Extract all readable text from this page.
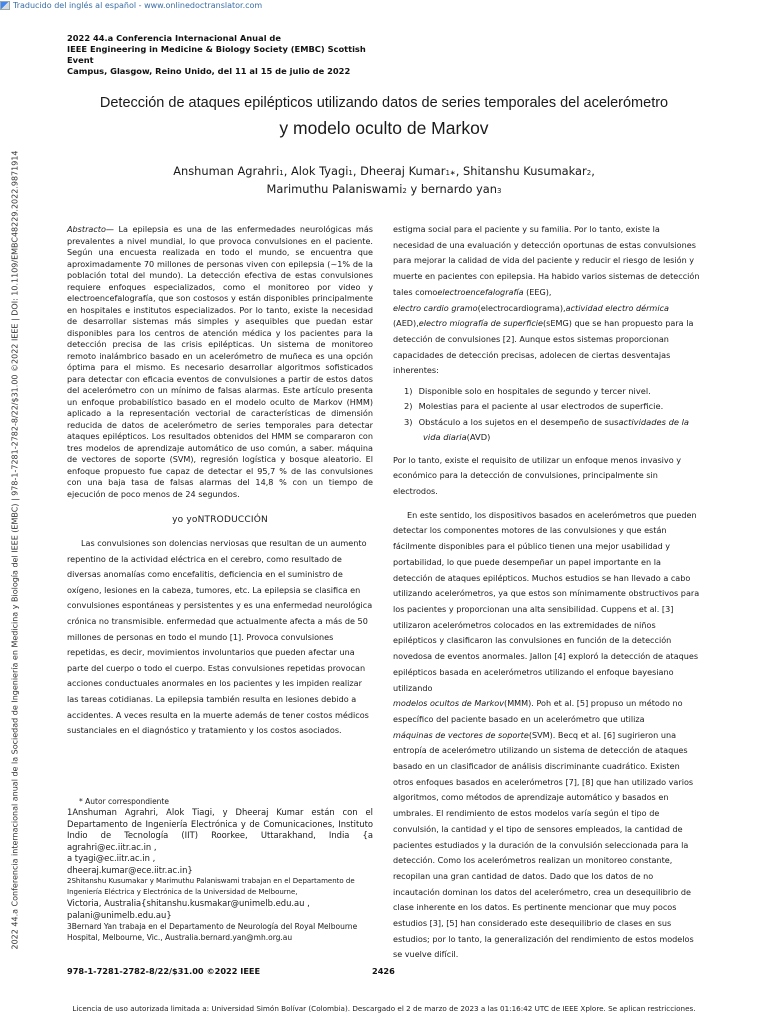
Traducido del inglés al español - www.onlinedoctranslator.com
2022 44.a Conferencia internacional anual de la Sociedad de Ingeniería en Medicina y Biología del IEEE (EMBC) | 978-1-7281-2782-8/22/$31.00 ©2022 IEEE | DOI: 10.1109/EMBC48229.2022.9871914
2022 44.a Conferencia Internacional Anual de
IEEE Engineering in Medicine & Biology Society (EMBC) Scottish Event
Campus, Glasgow, Reino Unido, del 11 al 15 de julio de 2022
Detección de ataques epilépticos utilizando datos de series temporales del acelerómetro
y modelo oculto de Markov
Anshuman Agrahri1, Alok Tyagi1, Dheeraj Kumar1∗, Shitanshu Kusumakar2,
Marimuthu Palaniswami2 y bernardo yan3

Abstracto— La epilepsia es una de las enfermedades neurológicas más prevalentes a nivel mundial, lo que provoca convulsiones en el paciente. Según una encuesta realizada en todo el mundo, se encuentra que aproximadamente 70 millones de personas viven con epilepsia (~1% de la población total del mundo). La detección efectiva de estas convulsiones requiere enfoques especializados, como el monitoreo por video y electroencefalografía, que son costosos y están disponibles principalmente en hospitales e institutos especializados. Por lo tanto, existe la necesidad de desarrollar sistemas más simples y asequibles que puedan estar disponibles para los centros de atención médica y los pacientes para la detección precisa de las crisis epilépticas. Un sistema de monitoreo remoto inalámbrico basado en un acelerómetro de muñeca es una opción óptima para el mismo. Es necesario desarrollar algoritmos sofisticados para detectar con eficacia eventos de convulsiones a partir de estos datos del acelerómetro con un mínimo de falsas alarmas. Este artículo presenta un enfoque probabilístico basado en el modelo oculto de Markov (HMM) aplicado a la representación vectorial de características de dimensión reducida de datos de acelerómetro de series temporales para detectar ataques epilépticos. Los resultados obtenidos del HMM se compararon con tres modelos de aprendizaje automático de uso común, a saber. máquina de vectores de soporte (SVM), regresión logística y bosque aleatorio. El enfoque propuesto fue capaz de detectar el 95,7 % de las convulsiones con una baja tasa de falsas alarmas del 14,8 % con un tiempo de ejecución de poco menos de 24 segundos.

yo yoNTRODUCCIÓN

Las convulsiones son dolencias nerviosas que resultan de un aumento repentino de la actividad eléctrica en el cerebro, como resultado de diversas anomalías como encefalitis, deficiencia en el suministro de oxígeno, lesiones en la cabeza, tumores, etc. La epilepsia se clasifica en convulsiones espontáneas y persistentes y es una enfermedad neurológica crónica no transmisible. enfermedad que actualmente afecta a más de 50 millones de personas en todo el mundo [1]. Provoca convulsiones repetidas, es decir, movimientos involuntarios que pueden afectar una parte del cuerpo o todo el cuerpo. Estas convulsiones repetidas provocan acciones conductuales anormales en los pacientes y les impiden realizar las tareas cotidianas. La epilepsia también resulta en lesiones debido a accidentes. A veces resulta en la muerte además de tener costos médicos sustanciales en el diagnóstico y tratamiento y los costos asociados.

* Autor correspondiente

1Anshuman Agrahri, Alok Tiagi, y Dheeraj Kumar están con el Departamento de Ingeniería Electrónica y de Comunicaciones, Instituto Indio de Tecnología (IIT) Roorkee, Uttarakhand, India {a agrahri@ec.iitr.ac.in ,

a tyagi@ec.iitr.ac.in ,

dheeraj.kumar@ece.iitr.ac.in}

2Shitanshu Kusumakar y Marimuthu Palaniswami trabajan en el Departamento de Ingeniería Eléctrica y Electrónica de la Universidad de Melbourne,

Victoria, Australia{shitanshu.kusmakar@unimelb.edu.au ,

palani@unimelb.edu.au}

3Bernard Yan trabaja en el Departamento de Neurología del Royal Melbourne Hospital, Melbourne, Vic., Australia.bernard.yan@mh.org.au

estigma social para el paciente y su familia. Por lo tanto, existe la necesidad de una evaluación y detección oportunas de estas convulsiones para mejorar la calidad de vida del paciente y reducir el riesgo de lesión y muerte en pacientes con epilepsia. Ha habido varios sistemas de detección tales comoelectroencefalografía (EEG),
electro cardio gramo(electrocardiograma),actividad electro dérmica (AED),electro miografía de superficie(sEMG) que se han propuesto para la detección de convulsiones [2]. Aunque estos sistemas proporcionan capacidades de detección precisas, adolecen de ciertas desventajas inherentes:

1) Disponible solo en hospitales de segundo y tercer nivel.
2) Molestias para el paciente al usar electrodos de superficie.
3) Obstáculo a los sujetos en el desempeño de susactividades de la
vida diaria(AVD)

Por lo tanto, existe el requisito de utilizar un enfoque menos invasivo y económico para la detección de convulsiones, principalmente sin electrodos.

En este sentido, los dispositivos basados en acelerómetros que pueden detectar los componentes motores de las convulsiones y que están fácilmente disponibles para el público tienen una mejor usabilidad y portabilidad, lo que puede desempeñar un papel importante en la detección de ataques epilépticos. Muchos estudios se han llevado a cabo utilizando acelerómetros, ya que estos son mínimamente obstructivos para los pacientes y proporcionan una alta sensibilidad. Cuppens et al. [3] utilizaron acelerómetros colocados en las extremidades de niños epilépticos y clasificaron las convulsiones en función de la detección novedosa de eventos anormales. Jallon [4] exploró la detección de ataques epilépticos basada en acelerómetros utilizando el enfoque bayesiano utilizando
modelos ocultos de Markov(MMM). Poh et al. [5] propuso un método no específico del paciente basado en un acelerómetro que utiliza
máquinas de vectores de soporte(SVM). Becq et al. [6] sugirieron una entropía de acelerómetro utilizando un sistema de detección de ataques basado en un clasificador de análisis discriminante cuadrático. Existen otros enfoques basados en acelerómetros [7], [8] que han utilizado varios algoritmos, como métodos de aprendizaje automático y basados en umbrales. El rendimiento de estos modelos varía según el tipo de convulsión, la cantidad y el tipo de sensores empleados, la cantidad de pacientes estudiados y la duración de la convulsión seleccionada para la detección. Como los acelerómetros realizan un monitoreo constante, recopilan una gran cantidad de datos. Dado que los datos de no incautación dominan los datos del acelerómetro, crea un desequilibrio de clase inherente en los datos. Es pertinente mencionar que muy pocos estudios [3], [5] han considerado este desequilibrio de clases en sus estudios; por lo tanto, la generalización del rendimiento de estos modelos se vuelve difícil.

978-1-7281-2782-8/22/$31.00 ©2022 IEEE	2426
Licencia de uso autorizada limitada a: Universidad Simón Bolívar (Colombia). Descargado el 2 de marzo de 2023 a las 01:16:42 UTC de IEEE Xplore. Se aplican restricciones.
